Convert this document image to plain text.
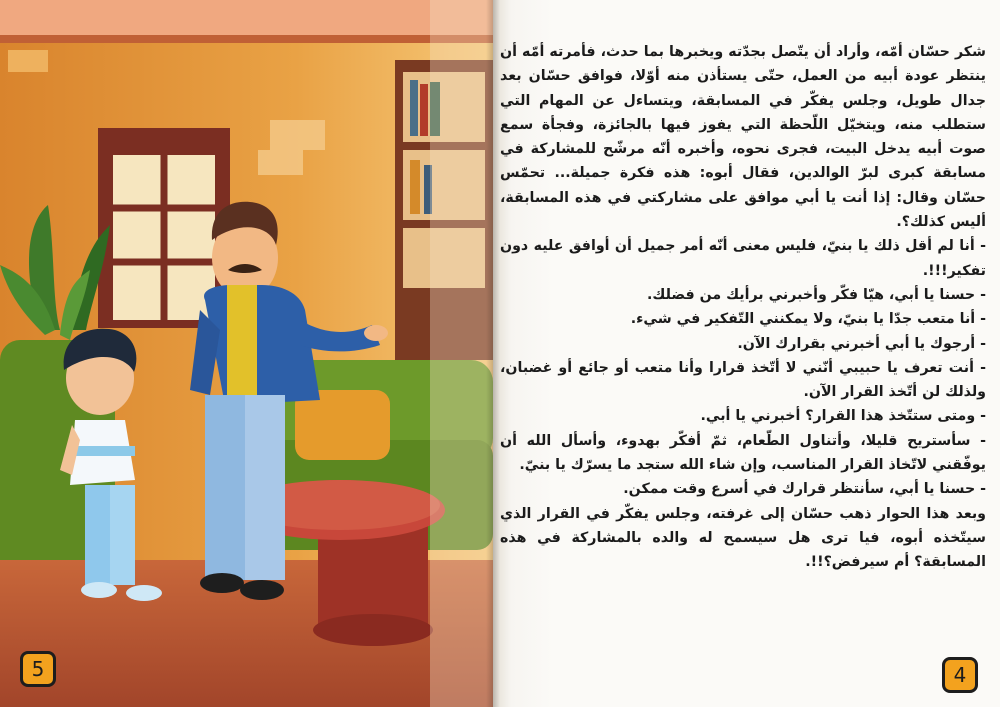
5

شكر حسّان أمّه، وأراد أن يتّصل بجدّته ويخبرها بما حدث، فأمرته أمّه أن ينتظر عودة أبيه من العمل، حتّى يستأذن منه أوّلا، فوافق حسّان بعد جدال طويل، وجلس يفكّر في المسابقة، ويتساءل عن المهام التي ستطلب منه، ويتخيّل اللّحظة التي يفوز فيها بالجائزة، وفجأة سمع صوت أبيه يدخل البيت، فجرى نحوه، وأخبره أنّه مرشّح للمشاركة في مسابقة كبرى لبرّ الوالدين، فقال أبوه: هذه فكرة جميلة... تحمّس حسّان وقال: إذا أنت يا أبي موافق على مشاركتي في هذه المسابقة، أليس كذلك؟.

- أنا لم أقل ذلك يا بنيّ، فليس معنى أنّه أمر جميل أن أوافق عليه دون تفكير!!!.

- حسنا يا أبي، هيّا فكّر وأخبرني برأيك من فضلك.

- أنا متعب جدّا يا بنيّ، ولا يمكنني التّفكير في شيء.

- أرجوك يا أبي أخبرني بقرارك الآن.

- أنت تعرف يا حبيبي أنّني لا أتّخذ قرارا وأنا متعب أو جائع أو غضبان، ولذلك لن أتّخذ القرار الآن.

- ومتى ستتّخذ هذا القرار؟ أخبرني يا أبي.

- سأستريح قليلا، وأتناول الطّعام، ثمّ أفكّر بهدوء، وأسأل الله أن يوفّقني لاتّخاذ القرار المناسب، وإن شاء الله ستجد ما يسرّك يا بنيّ.

- حسنا يا أبي، سأنتظر قرارك في أسرع وقت ممكن.

وبعد هذا الحوار ذهب حسّان إلى غرفته، وجلس يفكّر في القرار الذي سيتّخذه أبوه، فيا ترى هل سيسمح له والده بالمشاركة في هذه المسابقة؟ أم سيرفض؟!!.

4
